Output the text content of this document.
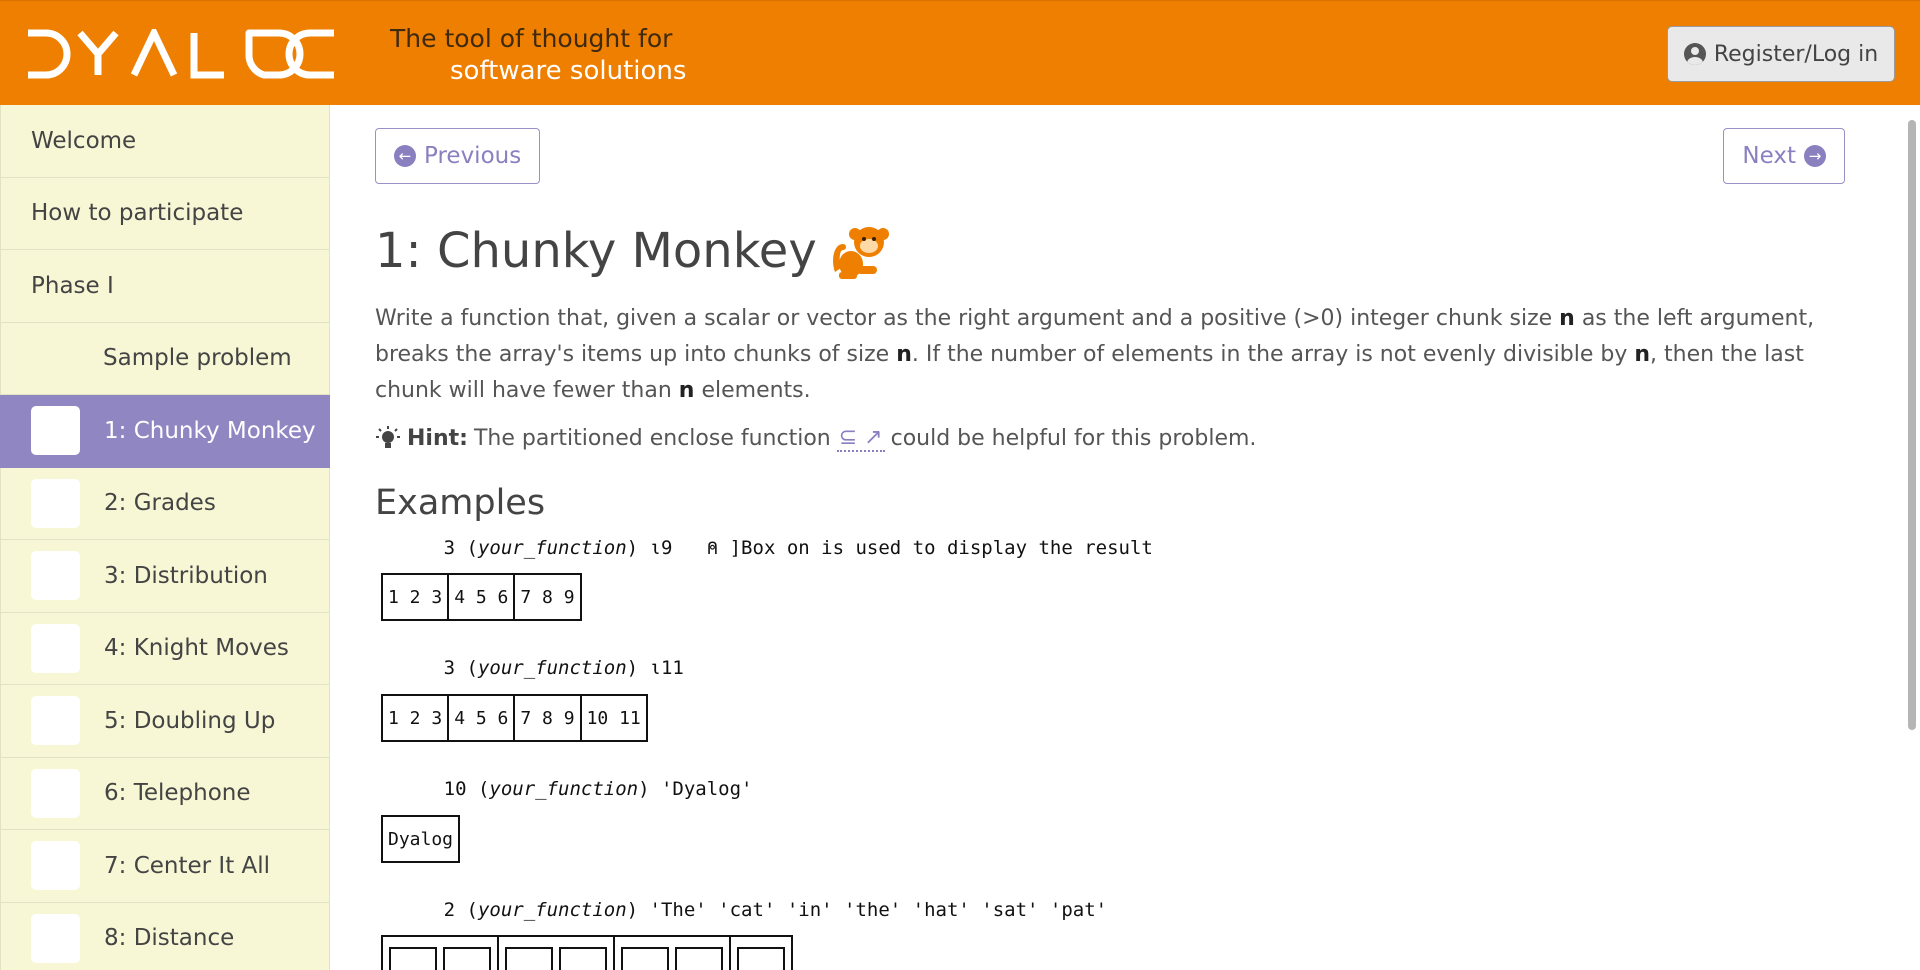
The tool of thought for
software solutions
Register/Log in
Welcome
How to participate
Phase I
Sample problem
1: Chunky Monkey
2: Grades
3: Distribution
4: Knight Moves
5: Doubling Up
6: Telephone
7: Center It All
8: Distance
← Previous	Next →
1: Chunky Monkey

Write a function that, given a scalar or vector as the right argument and a positive (>0) integer chunk size n as the left argument, breaks the array's items up into chunks of size n. If the number of elements in the array is not evenly divisible by n, then the last chunk will have fewer than n elements.

Hint: The partitioned enclose function ⊆ ↗ could be helpful for this problem.
Examples
3 (your_function) ⍳9   ⍝ ]Box on is used to display the result
1 2 3 4 5 6 7 8 9
3 (your_function) ⍳11
1 2 3 4 5 6 7 8 9 10 11
10 (your_function) 'Dyalog'
Dyalog
2 (your_function) 'The' 'cat' 'in' 'the' 'hat' 'sat' 'pat'
